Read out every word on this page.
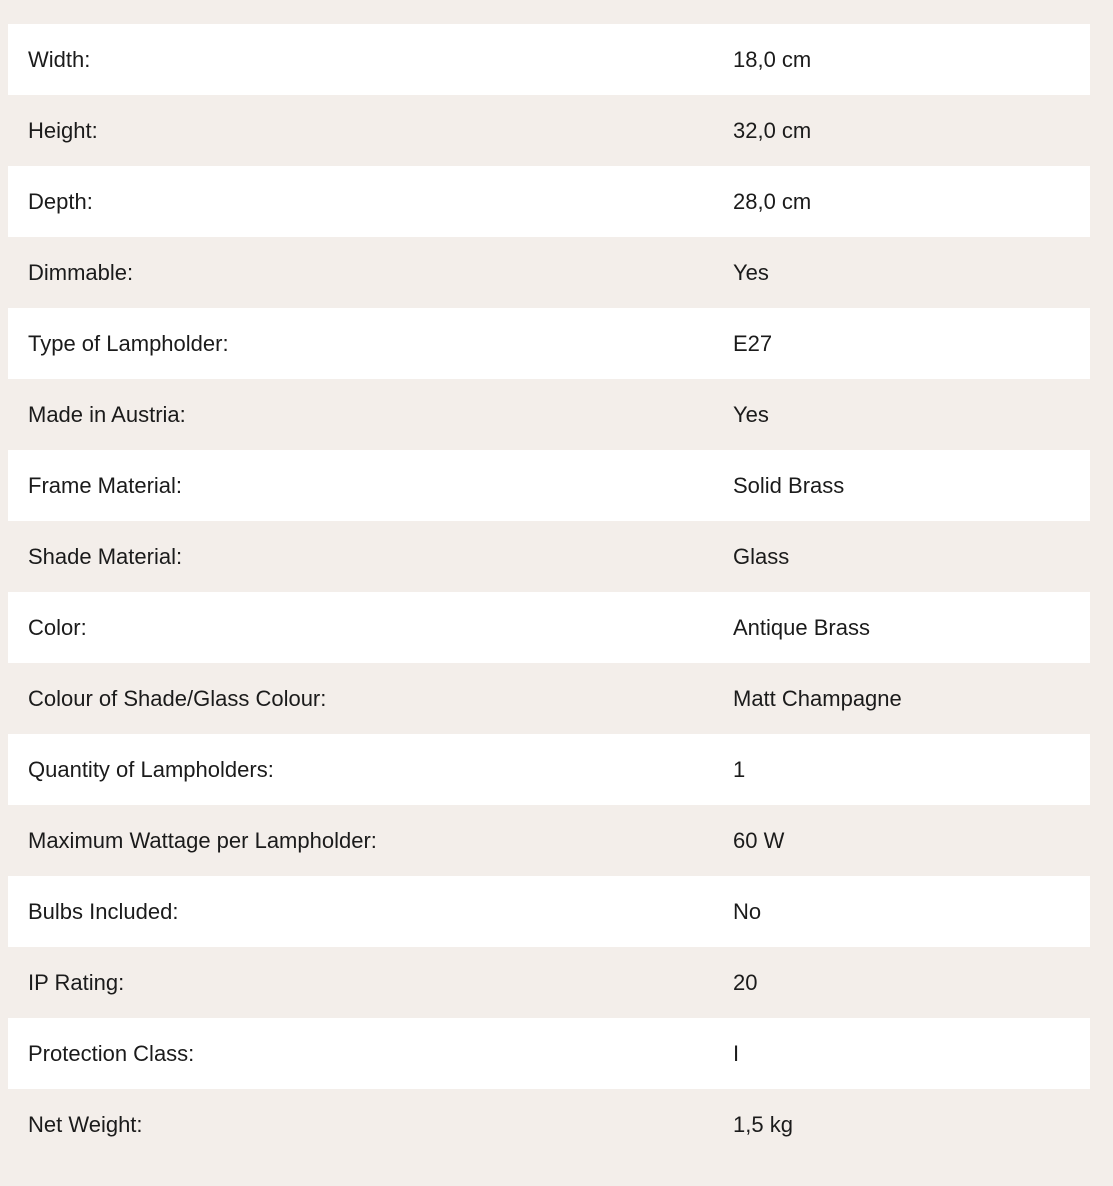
Width:	18,0 cm
Height:	32,0 cm
Depth:	28,0 cm
Dimmable:	Yes
Type of Lampholder:	E27
Made in Austria:	Yes
Frame Material:	Solid Brass
Shade Material:	Glass
Color:	Antique Brass
Colour of Shade/Glass Colour:	Matt Champagne
Quantity of Lampholders:	1
Maximum Wattage per Lampholder:	60 W
Bulbs Included:	No
IP Rating:	20
Protection Class:	I
Net Weight:	1,5 kg
